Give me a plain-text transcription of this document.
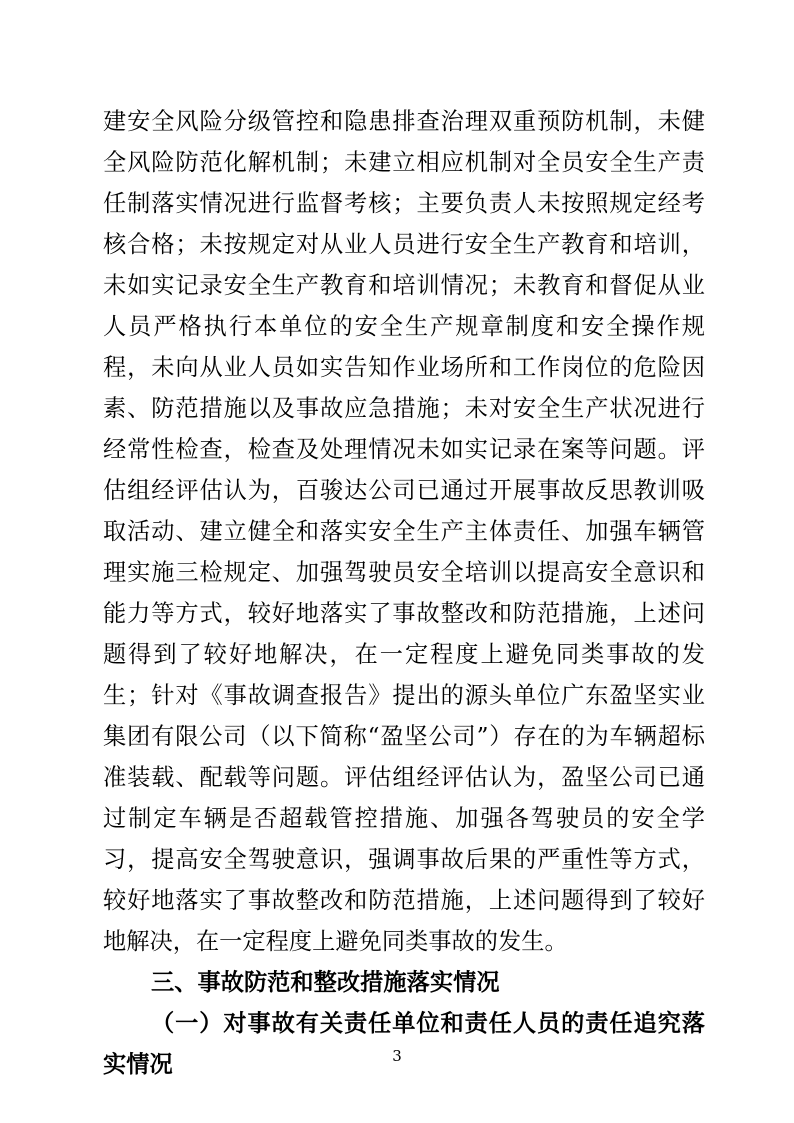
建安全风险分级管控和隐患排查治理双重预防机制，未健全风险防范化解机制；未建立相应机制对全员安全生产责任制落实情况进行监督考核；主要负责人未按照规定经考核合格；未按规定对从业人员进行安全生产教育和培训，未如实记录安全生产教育和培训情况；未教育和督促从业人员严格执行本单位的安全生产规章制度和安全操作规程，未向从业人员如实告知作业场所和工作岗位的危险因素、防范措施以及事故应急措施；未对安全生产状况进行经常性检查，检查及处理情况未如实记录在案等问题。评估组经评估认为，百骏达公司已通过开展事故反思教训吸取活动、建立健全和落实安全生产主体责任、加强车辆管理实施三检规定、加强驾驶员安全培训以提高安全意识和能力等方式，较好地落实了事故整改和防范措施，上述问题得到了较好地解决，在一定程度上避免同类事故的发生；针对《事故调查报告》提出的源头单位广东盈坚实业集团有限公司（以下简称“盈坚公司”）存在的为车辆超标准装载、配载等问题。评估组经评估认为，盈坚公司已通过制定车辆是否超载管控措施、加强各驾驶员的安全学习，提高安全驾驶意识，强调事故后果的严重性等方式，较好地落实了事故整改和防范措施，上述问题得到了较好地解决，在一定程度上避免同类事故的发生。

三、事故防范和整改措施落实情况

（一）对事故有关责任单位和责任人员的责任追究落实情况	3
